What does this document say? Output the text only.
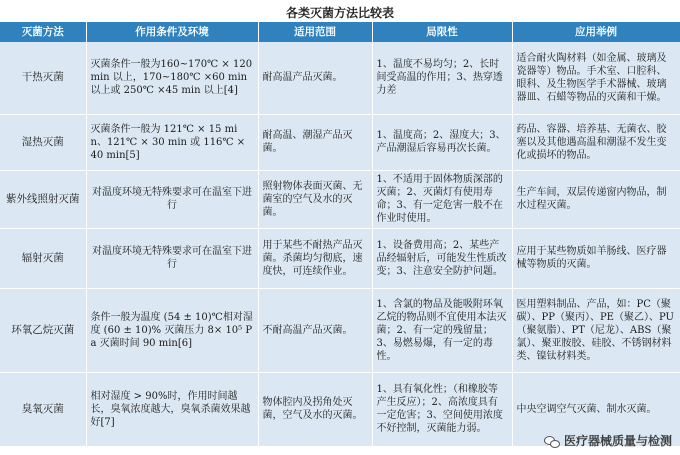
各类灭菌方法比较表
灭菌方法	作用条件及环境	适用范围	局限性	应用举例
干热灭菌	灭菌条件一般为160~170℃ × 120 min 以上，170~180℃ ×60 min 以上或 250℃ ×45 min 以上[4]	耐高温产品灭菌。	1、温度不易均匀；2、长时间受高温的作用；3、热穿透力差	适合耐火陶材料（如金属、玻璃及瓷器等）物品。手术室、口腔科、眼科、及生物医学手术器械、玻璃器皿、石蜡等物品的灭菌和干燥。
湿热灭菌	灭菌条件一般为 121℃ × 15 min、121℃ × 30 min 或 116℃ × 40 min[5]	耐高温、潮湿产品灭菌。	1、温度高；2、湿度大；3、产品潮湿后容易再次长菌。	药品、容器、培养基、无菌衣、胶塞以及其他遇高温和潮湿不发生变化或损坏的物品。
紫外线照射灭菌	对温度环境无特殊要求可在温室下进行	照射物体表面灭菌、无菌室的空气及水的灭菌。	1、不适用于固体物质深部的灭菌；2、灭菌灯有使用寿命；3、有一定危害一般不在作业时使用。	生产车间，双层传递窗内物品，制水过程灭菌。
辐射灭菌	对温度环境无特殊要求可在温室下进行	用于某些不耐热产品灭菌。杀菌均匀彻底，速度快，可连续作业。	1、设备费用高；2、某些产品经辐射后，可能发生性质改变；3、注意安全防护问题。	应用于某些物质如羊肠线、医疗器械等物质的灭菌。
环氧乙烷灭菌	条件一般为温度 (54 ± 10)℃相对湿度 (60 ± 10)% 灭菌压力 8× 10⁵ Pa 灭菌时间 90 min[6]	不耐高温产品灭菌。	1、含氯的物品及能吸附环氧乙烷的物品则不宜使用本法灭菌；2、有一定的残留量；3、易燃易爆，有一定的毒性。	医用塑料制品、产品，如：PC（聚碳）、PP（聚丙）、PE（聚乙）、PU（聚氨脂）、PT（尼龙）、ABS（聚氯）、聚亚胺胶、硅胶、不锈钢材料类、镍钛材料类。
臭氧灭菌	相对湿度 > 90%时，作用时间越长，臭氧浓度越大，臭氧杀菌效果越好[7]	物体腔内及拐角处灭菌，空气及水的灭菌。	1、具有氧化性；（和橡胶等产生反应）；2、高浓度具有一定危害；3、空间使用浓度不好控制，灭菌能力弱。	中央空调空气灭菌、制水灭菌。
医疗器械质量与检测
